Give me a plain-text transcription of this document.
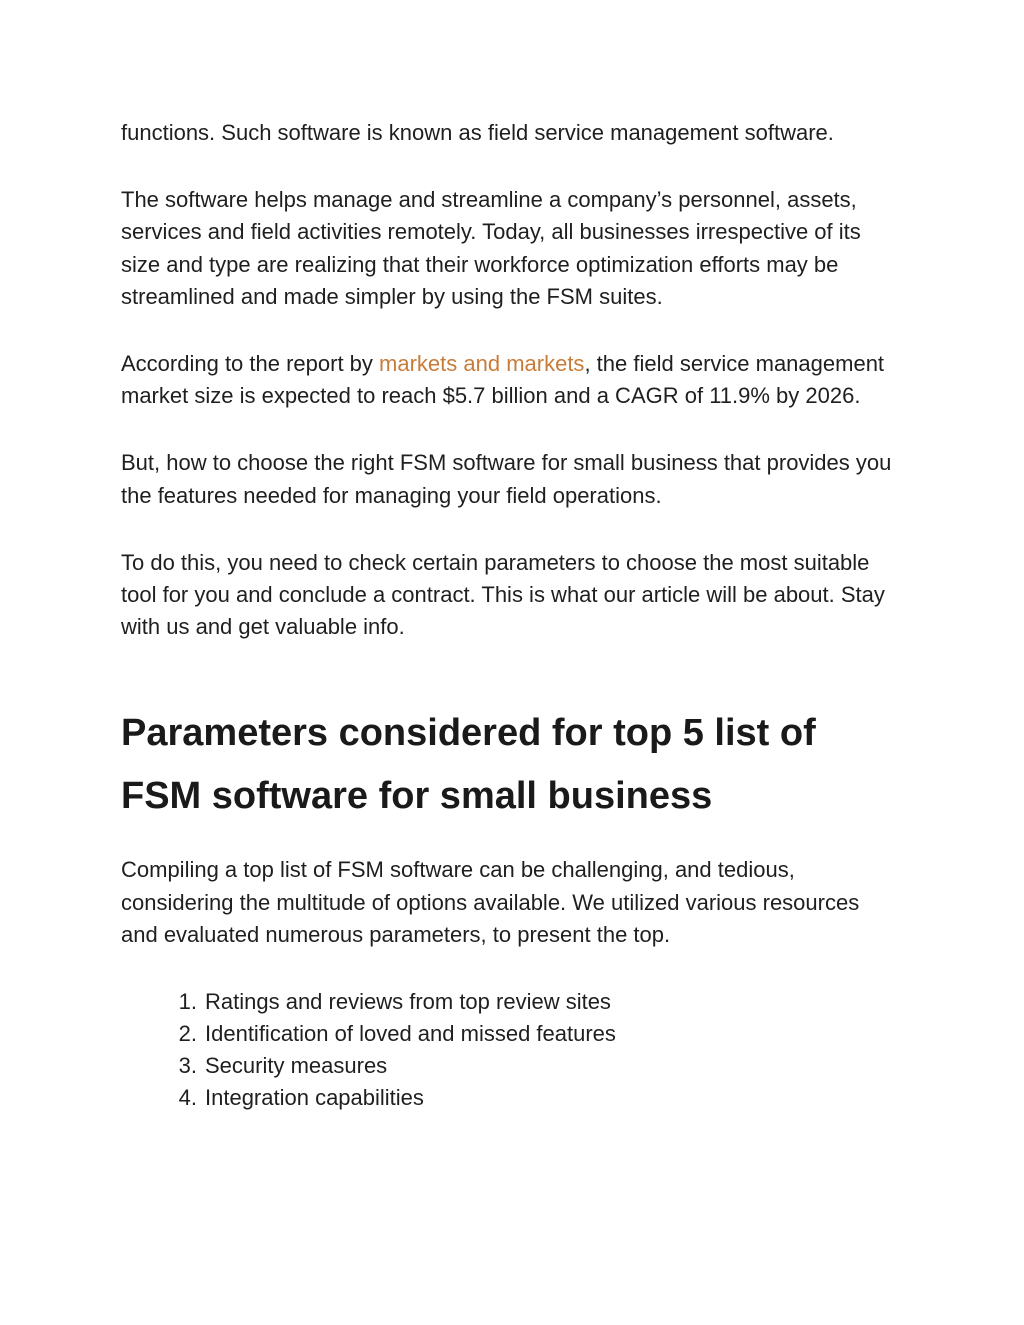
functions. Such software is known as field service management software.

The software helps manage and streamline a company’s personnel, assets, services and field activities remotely. Today, all businesses irrespective of its size and type are realizing that their workforce optimization efforts may be streamlined and made simpler by using the FSM suites.

According to the report by markets and markets, the field service management market size is expected to reach $5.7 billion and a CAGR of 11.9% by 2026.

But, how to choose the right FSM software for small business that provides you the features needed for managing your field operations.

To do this, you need to check certain parameters to choose the most suitable tool for you and conclude a contract. This is what our article will be about. Stay with us and get valuable info.

Parameters considered for top 5 list of FSM software for small business

Compiling a top list of FSM software can be challenging, and tedious, considering the multitude of options available. We utilized various resources and evaluated numerous parameters, to present the top.

1. Ratings and reviews from top review sites
2. Identification of loved and missed features
3. Security measures
4. Integration capabilities
